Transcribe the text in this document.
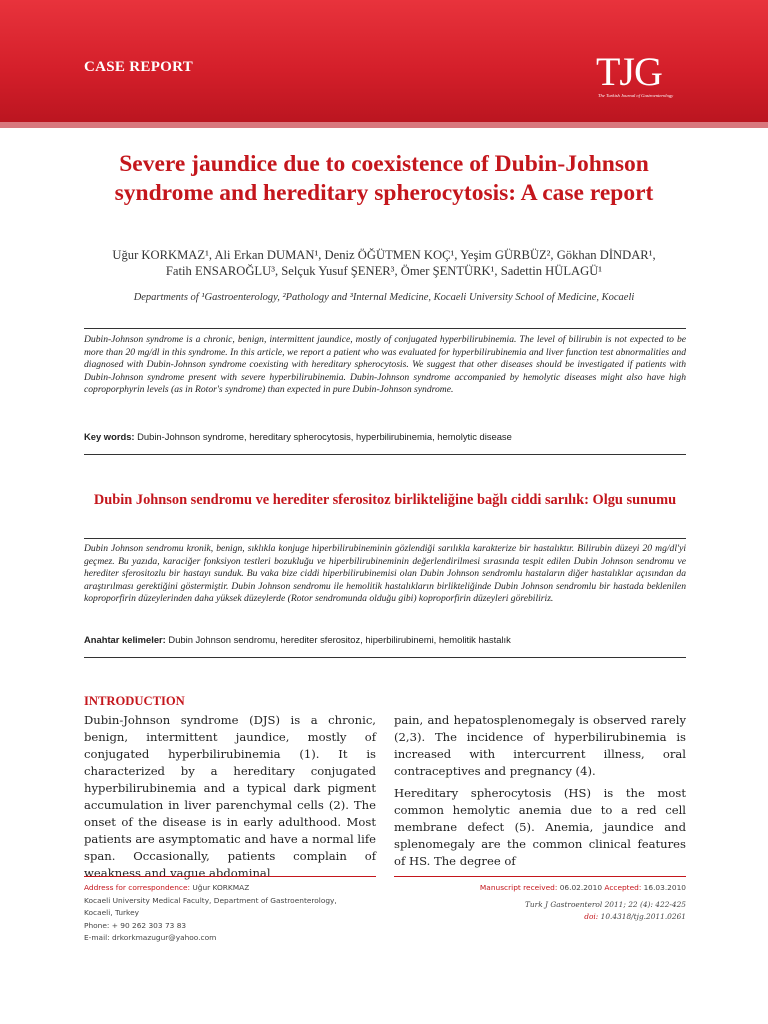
CASE REPORT	TJG
The Turkish Journal of Gastroenterology
Severe jaundice due to coexistence of Dubin-Johnson syndrome and hereditary spherocytosis: A case report
Uğur KORKMAZ¹, Ali Erkan DUMAN¹, Deniz ÖĞÜTMEN KOÇ¹, Yeşim GÜRBÜZ², Gökhan DİNDAR¹,
Fatih ENSAROĞLU³, Selçuk Yusuf ŞENER³, Ömer ŞENTÜRK¹, Sadettin HÜLAGÜ¹
Departments of ¹Gastroenterology, ²Pathology and ³Internal Medicine, Kocaeli University School of Medicine, Kocaeli
Dubin-Johnson syndrome is a chronic, benign, intermittent jaundice, mostly of conjugated hyperbilirubinemia. The level of bilirubin is not expected to be more than 20 mg/dl in this syndrome. In this article, we report a patient who was evaluated for hyperbilirubinemia and liver function test abnormalities and diagnosed with Dubin-Johnson syndrome coexisting with hereditary spherocytosis. We suggest that other diseases should be investigated if patients with Dubin-Johnson syndrome present with severe hyperbilirubinemia. Dubin-Johnson syndrome accompanied by hemolytic diseases might also have high coproporphyrin levels (as in Rotor's syndrome) than expected in pure Dubin-Johnson syndrome.
Key words: Dubin-Johnson syndrome, hereditary spherocytosis, hyperbilirubinemia, hemolytic disease
Dubin Johnson sendromu ve herediter sferositoz birlikteliğine bağlı ciddi sarılık: Olgu sunumu
Dubin Johnson sendromu kronik, benign, sıklıkla konjuge hiperbilirubineminin gözlendiği sarılıkla karakterize bir hastalıktır. Bilirubin düzeyi 20 mg/dl'yi geçmez. Bu yazıda, karaciğer fonksiyon testleri bozukluğu ve hiperbilirubineminin değerlendirilmesi sırasında tespit edilen Dubin Johnson sendromu ve herediter sferositozlu bir hastayı sunduk. Bu vaka bize ciddi hiperbilirubinemisi olan Dubin Johnson sendromlu hastaların diğer hastalıklar açısından da araştırılması gerektiğini göstermiştir. Dubin Johnson sendromu ile hemolitik hastalıkların birlikteliğinde Dubin Johnson sendromlu bir hastada beklenilen koproporfirin düzeylerinden daha yüksek düzeylerde (Rotor sendromunda olduğu gibi) koproporfirin düzeyleri görebiliriz.
Anahtar kelimeler: Dubin Johnson sendromu, herediter sferositoz, hiperbilirubinemi, hemolitik hastalık
INTRODUCTION

Dubin-Johnson syndrome (DJS) is a chronic, benign, intermittent jaundice, mostly of conjugated hyperbilirubinemia (1). It is characterized by a hereditary conjugated hyperbilirubinemia and a typical dark pigment accumulation in liver parenchymal cells (2). The onset of the disease is in early adulthood. Most patients are asymptomatic and have a normal life span. Occasionally, patients complain of weakness and vague abdominal

pain, and hepatosplenomegaly is observed rarely (2,3). The incidence of hyperbilirubinemia is increased with intercurrent illness, oral contraceptives and pregnancy (4).

Hereditary spherocytosis (HS) is the most common hemolytic anemia due to a red cell membrane defect (5). Anemia, jaundice and splenomegaly are the common clinical features of HS. The degree of

Address for correspondence: Uğur KORKMAZ
Kocaeli University Medical Faculty, Department of Gastroenterology,
Kocaeli, Turkey
Phone: + 90 262 303 73 83
E-mail: drkorkmazugur@yahoo.com
Manuscript received: 06.02.2010 Accepted: 16.03.2010
Turk J Gastroenterol 2011; 22 (4): 422-425
doi: 10.4318/tjg.2011.0261
